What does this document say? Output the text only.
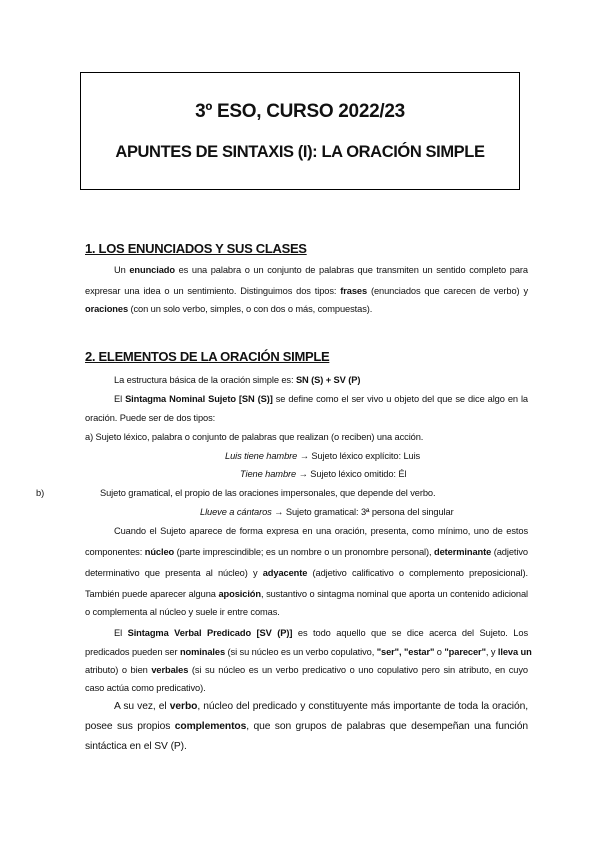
3º ESO, CURSO 2022/23
APUNTES DE SINTAXIS (I): LA ORACIÓN SIMPLE
1. LOS ENUNCIADOS Y SUS CLASES
Un enunciado es una palabra o un conjunto de palabras que transmiten un sentido completo para
expresar una idea o un sentimiento. Distinguimos dos tipos: frases (enunciados que carecen de verbo) y
oraciones (con un solo verbo, simples, o con dos o más, compuestas).
2. ELEMENTOS DE LA ORACIÓN SIMPLE
La estructura básica de la oración simple es: SN (S) + SV (P)
El Sintagma Nominal Sujeto [SN (S)] se define como el ser vivo u objeto del que se dice algo en la
oración. Puede ser de dos tipos:
a) Sujeto léxico, palabra o conjunto de palabras que realizan (o reciben) una acción.
Luis tiene hambre → Sujeto léxico explícito: Luis
Tiene hambre → Sujeto léxico omitido: Él
b)	Sujeto gramatical, el propio de las oraciones impersonales, que depende del verbo.
Llueve a cántaros → Sujeto gramatical: 3ª persona del singular
Cuando el Sujeto aparece de forma expresa en una oración, presenta, como mínimo, uno de estos
componentes: núcleo (parte imprescindible; es un nombre o un pronombre personal), determinante (adjetivo
determinativo que presenta al núcleo) y adyacente (adjetivo calificativo o complemento preposicional).
También puede aparecer alguna aposición, sustantivo o sintagma nominal que aporta un contenido adicional
o complementa al núcleo y suele ir entre comas.
El Sintagma Verbal Predicado [SV (P)] es todo aquello que se dice acerca del Sujeto. Los
predicados pueden ser nominales (si su núcleo es un verbo copulativo, "ser", "estar" o "parecer", y lleva un
atributo) o bien verbales (si su núcleo es un verbo predicativo o uno copulativo pero sin atributo, en cuyo
caso actúa como predicativo).
A su vez, el verbo, núcleo del predicado y constituyente más importante de toda la oración,
posee sus propios complementos, que son grupos de palabras que desempeñan una función
sintáctica en el SV (P).
